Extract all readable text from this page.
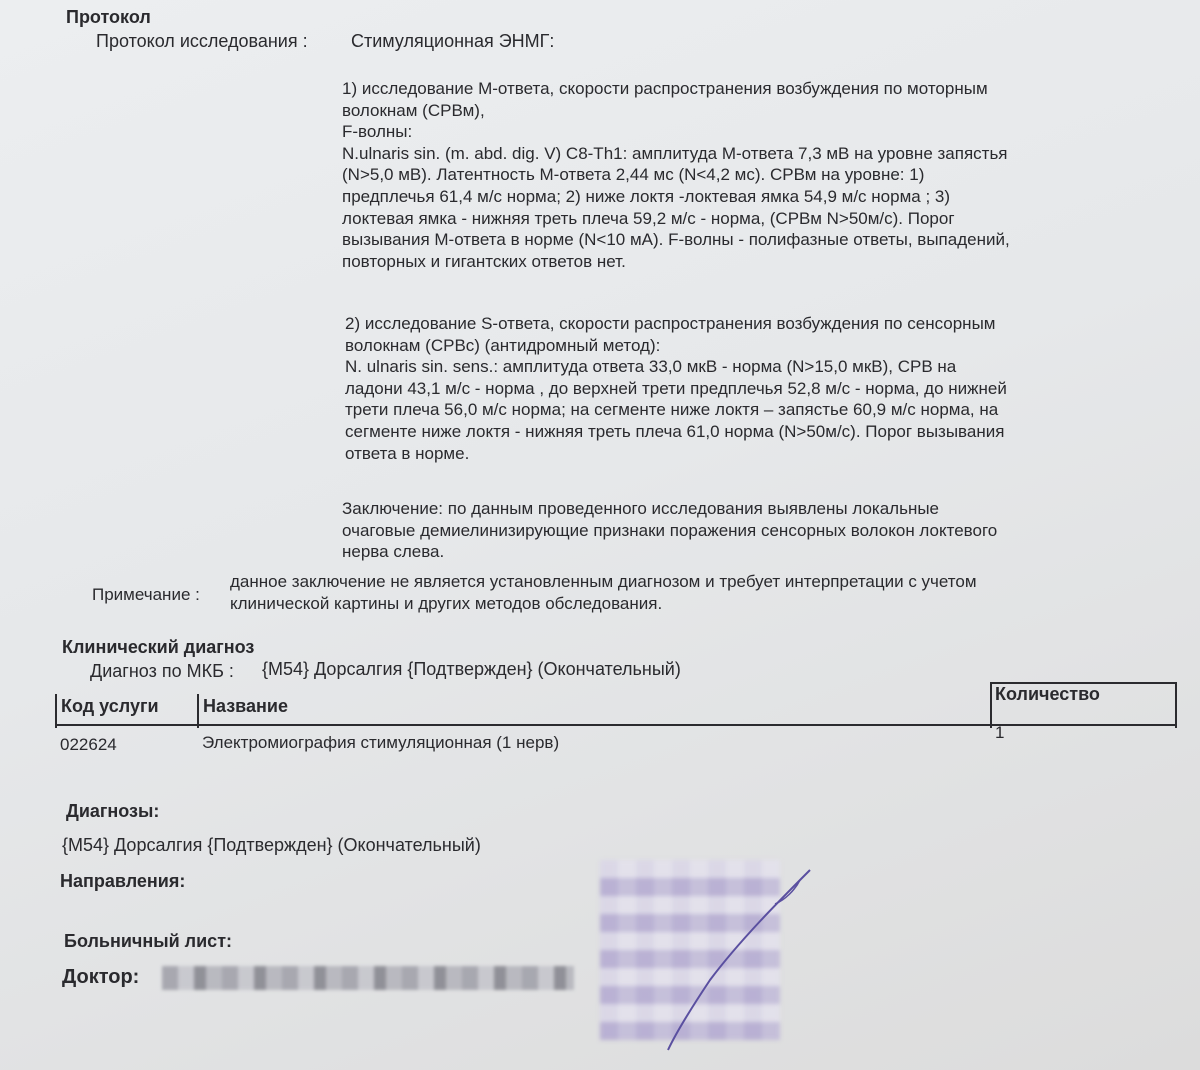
Протокол
Протокол исследования : Стимуляционная ЭНМГ:
1) исследование М-ответа, скорости распространения возбуждения по моторным
волокнам (СРВм),
F-волны:
N.ulnaris sin. (m. abd. dig. V) C8-Th1: амплитуда М-ответа 7,3 мВ на уровне запястья
(N>5,0 мВ). Латентность М-ответа 2,44 мс (N<4,2 мс). СРВм на уровне: 1)
предплечья 61,4 м/с норма; 2) ниже локтя -локтевая ямка 54,9 м/с норма ; 3)
локтевая ямка - нижняя треть плеча 59,2 м/с - норма, (СРВм N>50м/с). Порог
вызывания М-ответа в норме (N<10 мА). F-волны - полифазные ответы, выпадений,
повторных и гигантских ответов нет.
2) исследование S-ответа, скорости распространения возбуждения по сенсорным
волокнам (СРВс) (антидромный метод):
N. ulnaris sin. sens.: амплитуда ответа 33,0 мкВ - норма (N>15,0 мкВ), СРВ на
ладони 43,1 м/с - норма , до верхней трети предплечья 52,8 м/с - норма, до нижней
трети плеча 56,0 м/с норма; на сегменте ниже локтя – запястье 60,9 м/с норма, на
сегменте ниже локтя - нижняя треть плеча 61,0 норма (N>50м/с). Порог вызывания
ответа в норме.
Заключение: по данным проведенного исследования выявлены локальные
очаговые демиелинизирующие признаки поражения сенсорных волокон локтевого
нерва слева.
Примечание :
данное заключение не является установленным диагнозом и требует интерпретации с учетом
клинической картины и других методов обследования.
Клинический диагноз
Диагноз по МКБ : {M54} Дорсалгия {Подтвержден} (Окончательный)
Код услуги Название
Количество
022624	Электромиография стимуляционная (1 нерв)
1
Диагнозы:
{M54} Дорсалгия {Подтвержден} (Окончательный)
Направления:
Больничный лист:
Доктор:
